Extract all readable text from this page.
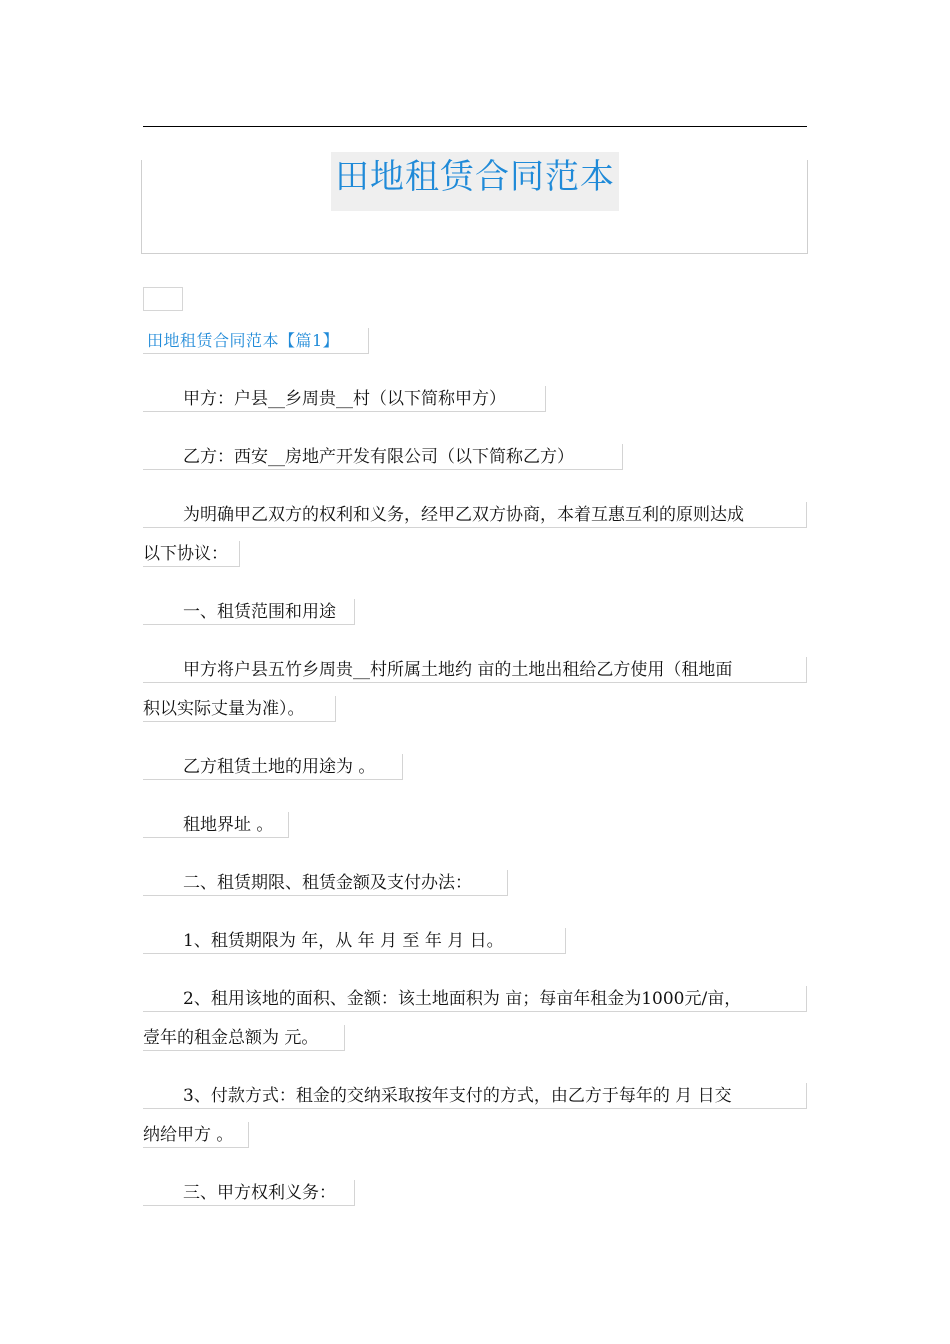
田地租赁合同范本
田地租赁合同范本【篇1】
甲方：户县__乡周贵__村（以下简称甲方）
乙方：西安__房地产开发有限公司（以下简称乙方）
为明确甲乙双方的权利和义务，经甲乙双方协商，本着互惠互利的原则达成
以下协议：
一、租赁范围和用途
甲方将户县五竹乡周贵__村所属土地约 亩的土地出租给乙方使用（租地面
积以实际丈量为准）。
乙方租赁土地的用途为 。
租地界址 。
二、租赁期限、租赁金额及支付办法：
1、租赁期限为 年，从 年 月 至 年 月 日。
2、租用该地的面积、金额：该土地面积为 亩；每亩年租金为1000元/亩，
壹年的租金总额为 元。
3、付款方式：租金的交纳采取按年支付的方式，由乙方于每年的 月 日交
纳给甲方 。
三、甲方权利义务：
